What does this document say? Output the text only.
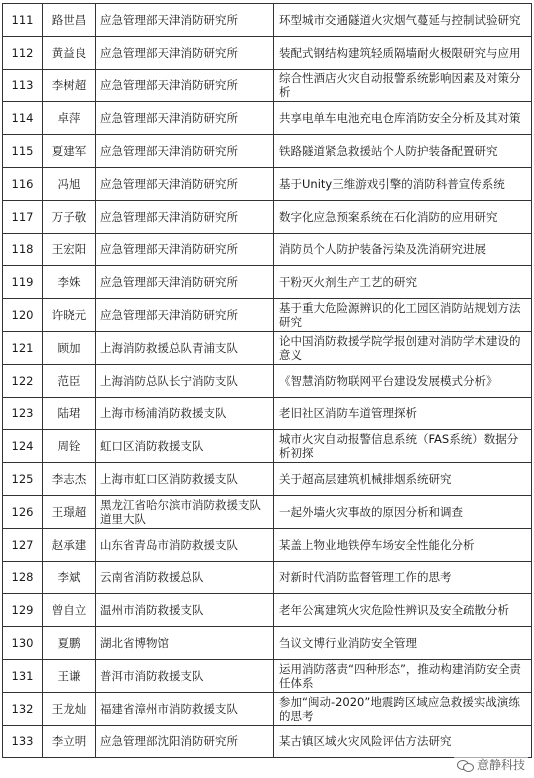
111	路世昌	应急管理部天津消防研究所	环型城市交通隧道火灾烟气蔓延与控制试验研究
112	黄益良	应急管理部天津消防研究所	装配式钢结构建筑轻质隔墙耐火极限研究与应用
113	李树超	应急管理部天津消防研究所	综合性酒店火灾自动报警系统影响因素及对策分析
114	卓萍	应急管理部天津消防研究所	共享电单车电池充电仓库消防安全分析及其对策
115	夏建军	应急管理部天津消防研究所	铁路隧道紧急救援站个人防护装备配置研究
116	冯旭	应急管理部天津消防研究所	基于Unity三维游戏引擎的消防科普宣传系统
117	万子敬	应急管理部天津消防研究所	数字化应急预案系统在石化消防的应用研究
118	王宏阳	应急管理部天津消防研究所	消防员个人防护装备污染及洗消研究进展
119	李姝	应急管理部天津消防研究所	干粉灭火剂生产工艺的研究
120	许晓元	应急管理部天津消防研究所	基于重大危险源辨识的化工园区消防站规划方法研究
121	顾加	上海消防救援总队青浦支队	论中国消防救援学院学报创建对消防学术建设的意义
122	范臣	上海消防总队长宁消防支队	《智慧消防物联网平台建设发展模式分析》
123	陆珺	上海市杨浦消防救援支队	老旧社区消防车道管理探析
124	周铨	虹口区消防救援支队	城市火灾自动报警信息系统（FAS系统）数据分析初探
125	李志杰	上海市虹口区消防救援支队	关于超高层建筑机械排烟系统研究
126	王璟超	黑龙江省哈尔滨市消防救援支队道里大队	一起外墙火灾事故的原因分析和调查
127	赵承建	山东省青岛市消防救援支队	某盖上物业地铁停车场安全性能化分析
128	李斌	云南省消防救援总队	对新时代消防监督管理工作的思考
129	曾自立	温州市消防救援支队	老年公寓建筑火灾危险性辨识及安全疏散分析
130	夏鹏	湖北省博物馆	刍议文博行业消防安全管理
131	王谦	普洱市消防救援支队	运用消防落责“四种形态”，推动构建消防安全责任体系
132	王龙灿	福建省漳州市消防救援支队	参加“闽动-2020”地震跨区域应急救援实战演练的思考
133	李立明	应急管理部沈阳消防研究所	某古镇区域火灾风险评估方法研究
意静科技
